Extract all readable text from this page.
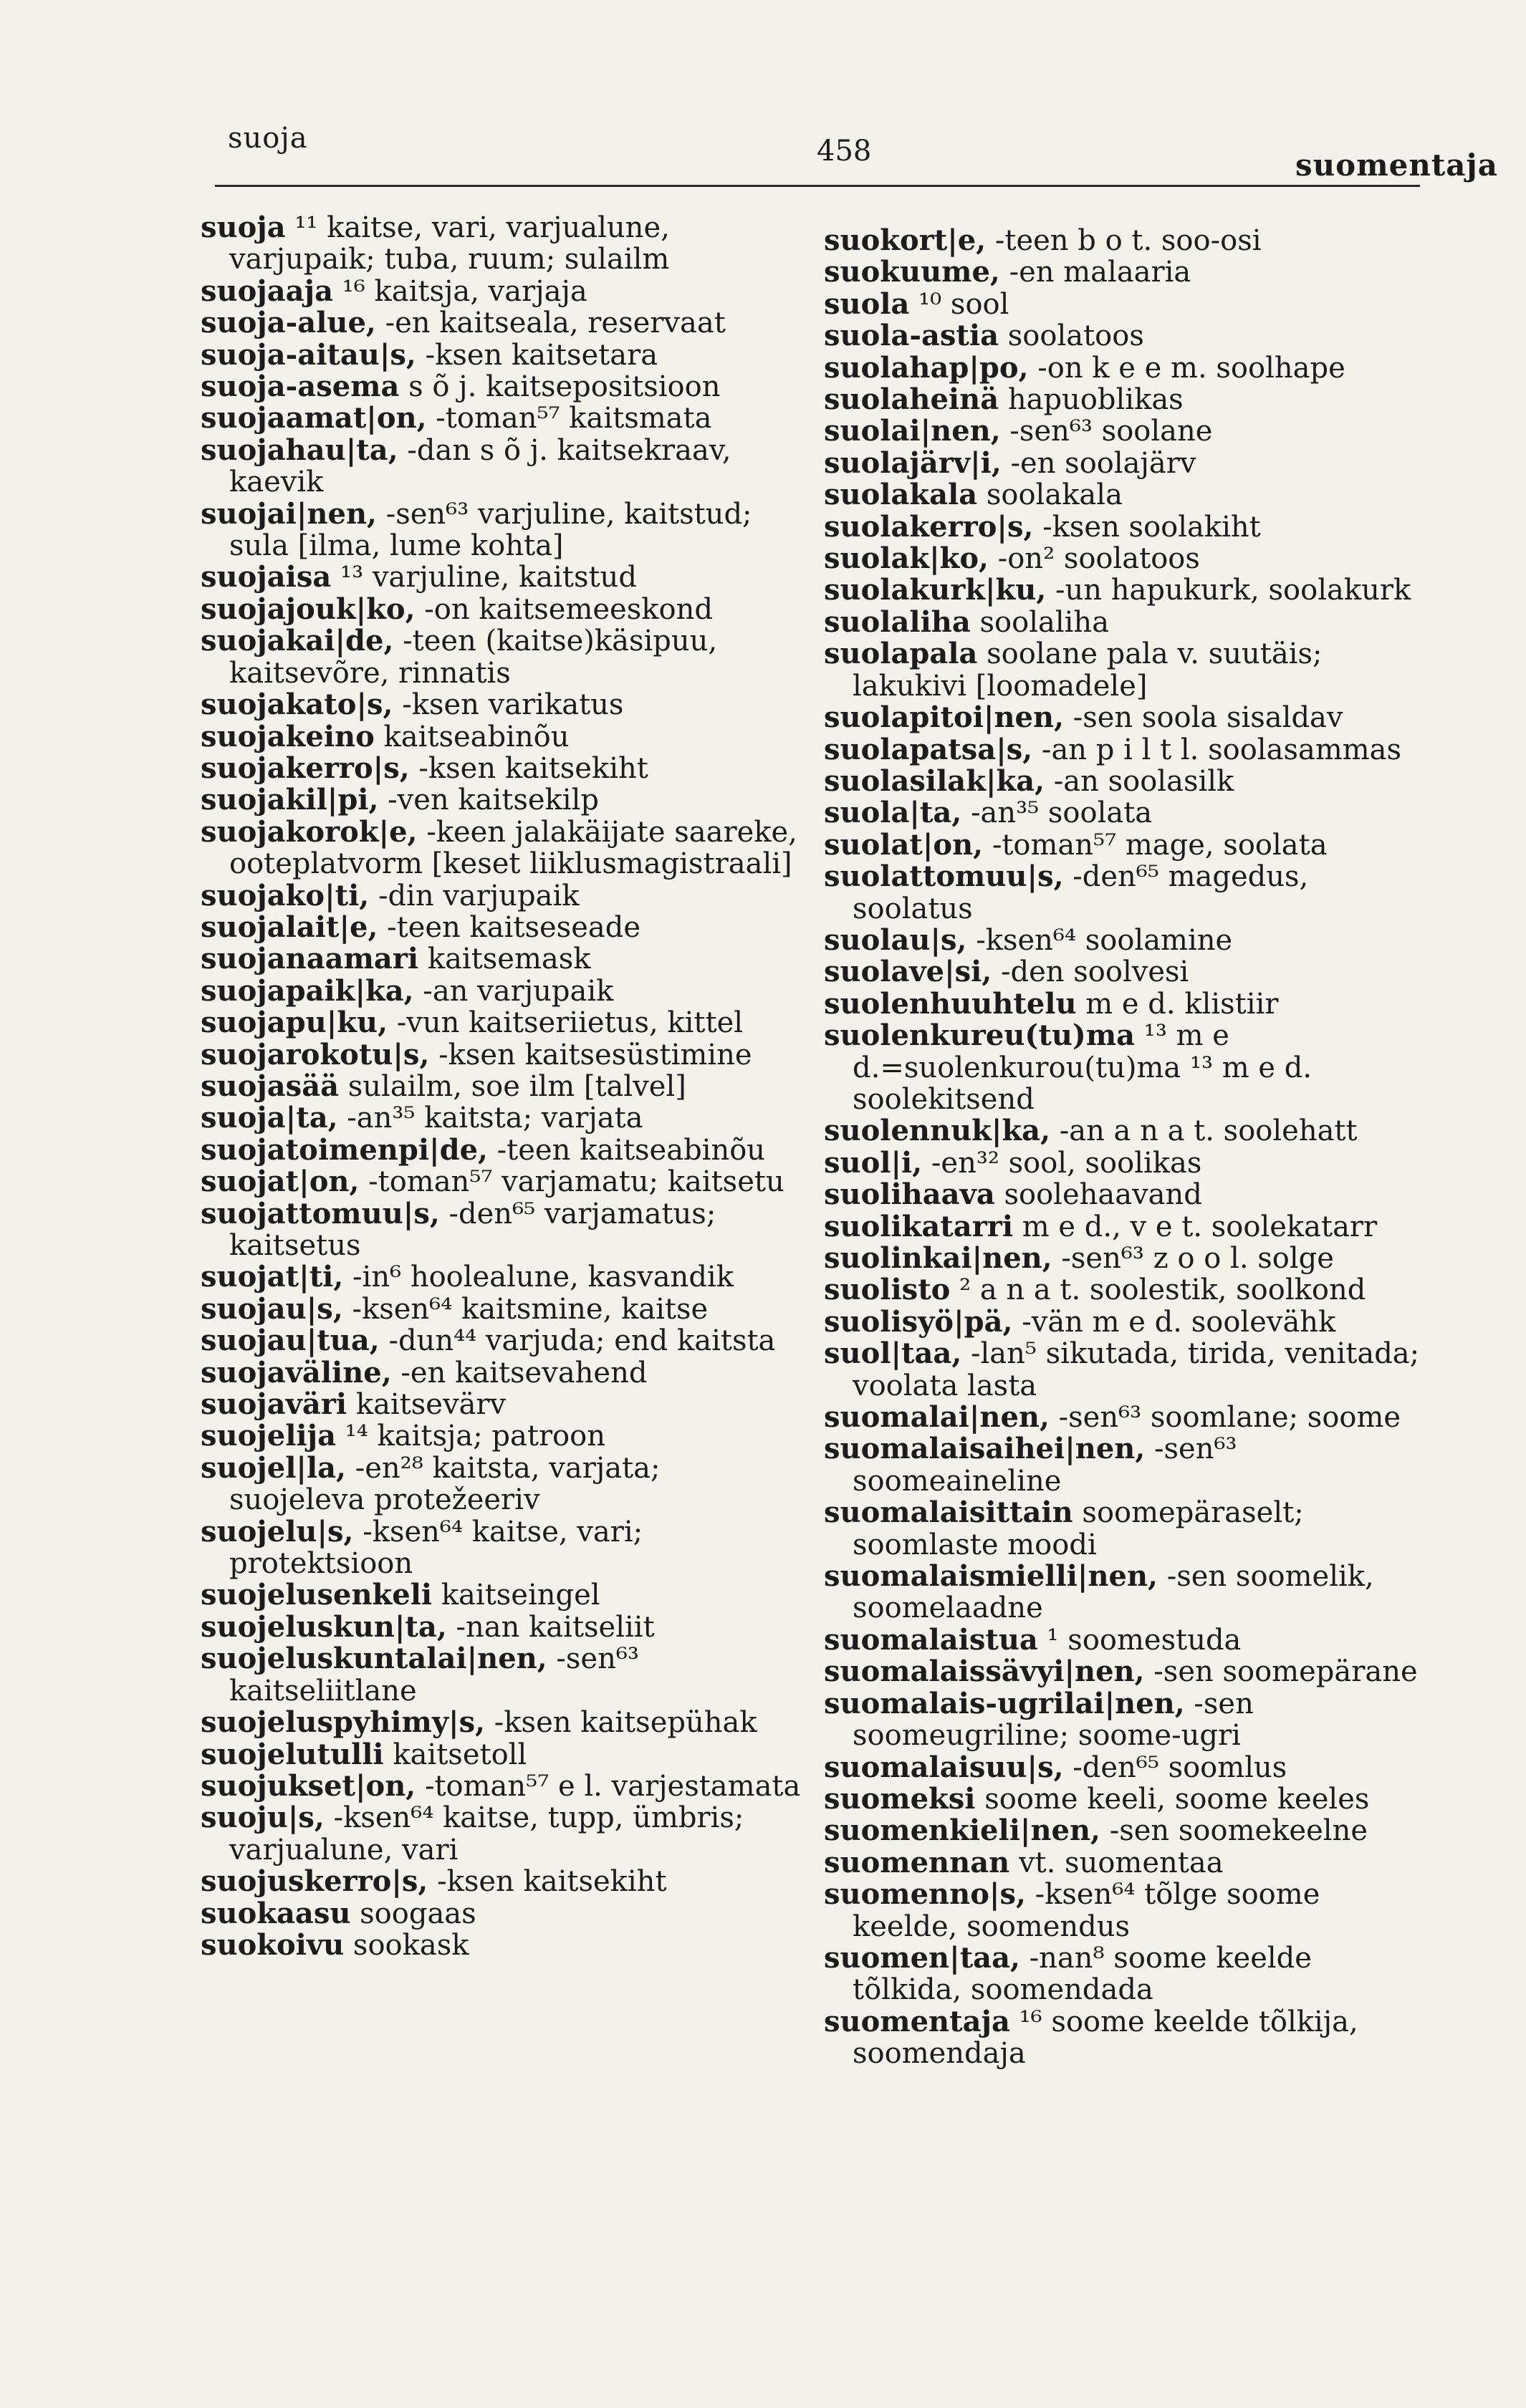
suoja	458	suomentaja

suoja ¹¹ kaitse, vari, varjualune, varjupaik; tuba, ruum; sulailm

suojaaja ¹⁶ kaitsja, varjaja

suoja-alue, -en kaitseala, reservaat

suoja-aitau|s, -ksen kaitsetara

suoja-asema s õ j. kaitsepositsioon

suojaamat|on, -toman⁵⁷ kaitsmata

suojahau|ta, -dan s õ j. kaitsekraav, kaevik

suojai|nen, -sen⁶³ varjuline, kaitstud; sula [ilma, lume kohta]

suojaisa ¹³ varjuline, kaitstud

suojajouk|ko, -on kaitsemeeskond

suojakai|de, -teen (kaitse)käsipuu, kaitsevõre, rinnatis

suojakato|s, -ksen varikatus

suojakeino kaitseabinõu

suojakerro|s, -ksen kaitsekiht

suojakil|pi, -ven kaitsekilp

suojakorok|e, -keen jalakäijate saareke, ooteplatvorm [keset liiklusmagistraali]

suojako|ti, -din varjupaik

suojalait|e, -teen kaitseseade

suojanaamari kaitsemask

suojapaik|ka, -an varjupaik

suojapu|ku, -vun kaitseriietus, kittel

suojarokotu|s, -ksen kaitsesüstimine

suojasää sulailm, soe ilm [talvel]

suoja|ta, -an³⁵ kaitsta; varjata

suojatoimenpi|de, -teen kaitseabinõu

suojat|on, -toman⁵⁷ varjamatu; kaitsetu

suojattomuu|s, -den⁶⁵ varjamatus; kaitsetus

suojat|ti, -in⁶ hoolealune, kasvandik

suojau|s, -ksen⁶⁴ kaitsmine, kaitse

suojau|tua, -dun⁴⁴ varjuda; end kaitsta

suojaväline, -en kaitsevahend

suojaväri kaitsevärv

suojelija ¹⁴ kaitsja; patroon

suojel|la, -en²⁸ kaitsta, varjata; suojeleva protežeeriv

suojelu|s, -ksen⁶⁴ kaitse, vari; protektsioon

suojelusenkeli kaitseingel

suojeluskun|ta, -nan kaitseliit

suojeluskuntalai|nen, -sen⁶³ kaitseliitlane

suojeluspyhimy|s, -ksen kaitsepühak

suojelutulli kaitsetoll

suojukset|on, -toman⁵⁷ e l. varjestamata

suoju|s, -ksen⁶⁴ kaitse, tupp, ümbris; varjualune, vari

suojuskerro|s, -ksen kaitsekiht

suokaasu soogaas

suokoivu sookask

suokort|e, -teen b o t. soo-osi

suokuume, -en malaaria

suola ¹⁰ sool

suola-astia soolatoos

suolahap|po, -on k e e m. soolhape

suolaheinä hapuoblikas

suolai|nen, -sen⁶³ soolane

suolajärv|i, -en soolajärv

suolakala soolakala

suolakerro|s, -ksen soolakiht

suolak|ko, -on² soolatoos

suolakurk|ku, -un hapukurk, soolakurk

suolaliha soolaliha

suolapala soolane pala v. suutäis; lakukivi [loomadele]

suolapitoi|nen, -sen soola sisaldav

suolapatsa|s, -an p i l t l. soolasammas

suolasilak|ka, -an soolasilk

suola|ta, -an³⁵ soolata

suolat|on, -toman⁵⁷ mage, soolata

suolattomuu|s, -den⁶⁵ magedus, soolatus

suolau|s, -ksen⁶⁴ soolamine

suolave|si, -den soolvesi

suolenhuuhtelu m e d. klistiir

suolenkureu(tu)ma ¹³ m e d.=suolenkurou(tu)ma ¹³ m e d. soolekitsend

suolennuk|ka, -an a n a t. soolehatt

suol|i, -en³² sool, soolikas

suolihaava soolehaavand

suolikatarri m e d., v e t. soolekatarr

suolinkai|nen, -sen⁶³ z o o l. solge

suolisto ² a n a t. soolestik, soolkond

suolisyö|pä, -vän m e d. soolevähk

suol|taa, -lan⁵ sikutada, tirida, venitada; voolata lasta

suomalai|nen, -sen⁶³ soomlane; soome

suomalaisaihei|nen, -sen⁶³ soomeaineline

suomalaisittain soomepäraselt; soomlaste moodi

suomalaismielli|nen, -sen soomelik, soomelaadne

suomalaistua ¹ soomestuda

suomalaissävyi|nen, -sen soomepärane

suomalais-ugrilai|nen, -sen soomeugriline; soome-ugri

suomalaisuu|s, -den⁶⁵ soomlus

suomeksi soome keeli, soome keeles

suomenkieli|nen, -sen soomekeelne

suomennan vt. suomentaa

suomenno|s, -ksen⁶⁴ tõlge soome keelde, soomendus

suomen|taa, -nan⁸ soome keelde tõlkida, soomendada

suomentaja ¹⁶ soome keelde tõlkija, soomendaja
